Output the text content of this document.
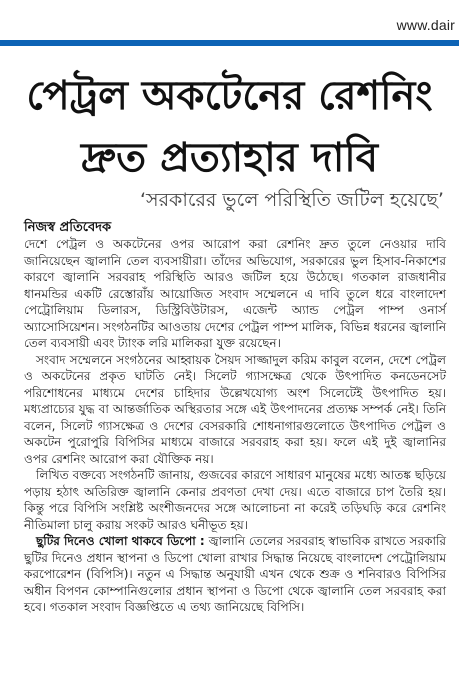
www.dair
পেট্রল অকটেনের রেশনিং
দ্রুত প্রত্যাহার দাবি

‘সরকারের ভুলে পরিস্থিতি জটিল হয়েছে’

নিজস্ব প্রতিবেদক

দেশে পেট্রল ও অকটেনের ওপর আরোপ করা রেশনিং দ্রুত তুলে নেওয়ার দাবি জানিয়েছেন জ্বালানি তেল ব্যবসায়ীরা। তাঁদের অভিযোগ, সরকারের ভুল হিসাব-নিকাশের কারণে জ্বালানি সরবরাহ পরিস্থিতি আরও জটিল হয়ে উঠেছে। গতকাল রাজধানীর ধানমন্ডির একটি রেস্তোরাঁয় আয়োজিত সংবাদ সম্মেলনে এ দাবি তুলে ধরে বাংলাদেশ পেট্রোলিয়াম ডিলারস, ডিস্ট্রিবিউটারস, এজেন্ট অ্যান্ড পেট্রল পাম্প ওনার্স অ্যাসোসিয়েশন। সংগঠনটির আওতায় দেশের পেট্রল পাম্প মালিক, বিভিন্ন ধরনের জ্বালানি তেল ব্যবসায়ী এবং ট্যাংক লরি মালিকরা যুক্ত রয়েছেন।

সংবাদ সম্মেলনে সংগঠনের আহ্বায়ক সৈয়দ সাজ্জাদুল করিম কাবুল বলেন, দেশে পেট্রল ও অকটেনের প্রকৃত ঘাটতি নেই। সিলেট গ্যাসক্ষেত্র থেকে উৎপাদিত কনডেনসেট পরিশোধনের মাধ্যমে দেশের চাহিদার উল্লেখযোগ্য অংশ সিলেটেই উৎপাদিত হয়। মধ্যপ্রাচ্যের যুদ্ধ বা আন্তর্জাতিক অস্থিরতার সঙ্গে এই উৎপাদনের প্রত্যক্ষ সম্পর্ক নেই। তিনি বলেন, সিলেট গ্যাসক্ষেত্র ও দেশের বেসরকারি শোধনাগারগুলোতে উৎপাদিত পেট্রল ও অকটেন পুরোপুরি বিপিসির মাধ্যমে বাজারে সরবরাহ করা হয়। ফলে এই দুই জ্বালানির ওপর রেশনিং আরোপ করা যৌক্তিক নয়।

লিখিত বক্তব্যে সংগঠনটি জানায়, গুজবের কারণে সাধারণ মানুষের মধ্যে আতঙ্ক ছড়িয়ে পড়ায় হঠাৎ অতিরিক্ত জ্বালানি কেনার প্রবণতা দেখা দেয়। এতে বাজারে চাপ তৈরি হয়। কিন্তু পরে বিপিসি সংশ্লিষ্ট অংশীজনদের সঙ্গে আলোচনা না করেই তড়িঘড়ি করে রেশনিং নীতিমালা চালু করায় সংকট আরও ঘনীভূত হয়।

ছুটির দিনেও খোলা থাকবে ডিপো : জ্বালানি তেলের সরবরাহ স্বাভাবিক রাখতে সরকারি ছুটির দিনেও প্রধান স্থাপনা ও ডিপো খোলা রাখার সিদ্ধান্ত নিয়েছে বাংলাদেশ পেট্রোলিয়াম করপোরেশন (বিপিসি)। নতুন এ সিদ্ধান্ত অনুযায়ী এখন থেকে শুক্র ও শনিবারও বিপিসির অধীন বিপণন কোম্পানিগুলোর প্রধান স্থাপনা ও ডিপো থেকে জ্বালানি তেল সরবরাহ করা হবে। গতকাল সংবাদ বিজ্ঞপ্তিতে এ তথ্য জানিয়েছে বিপিসি।
